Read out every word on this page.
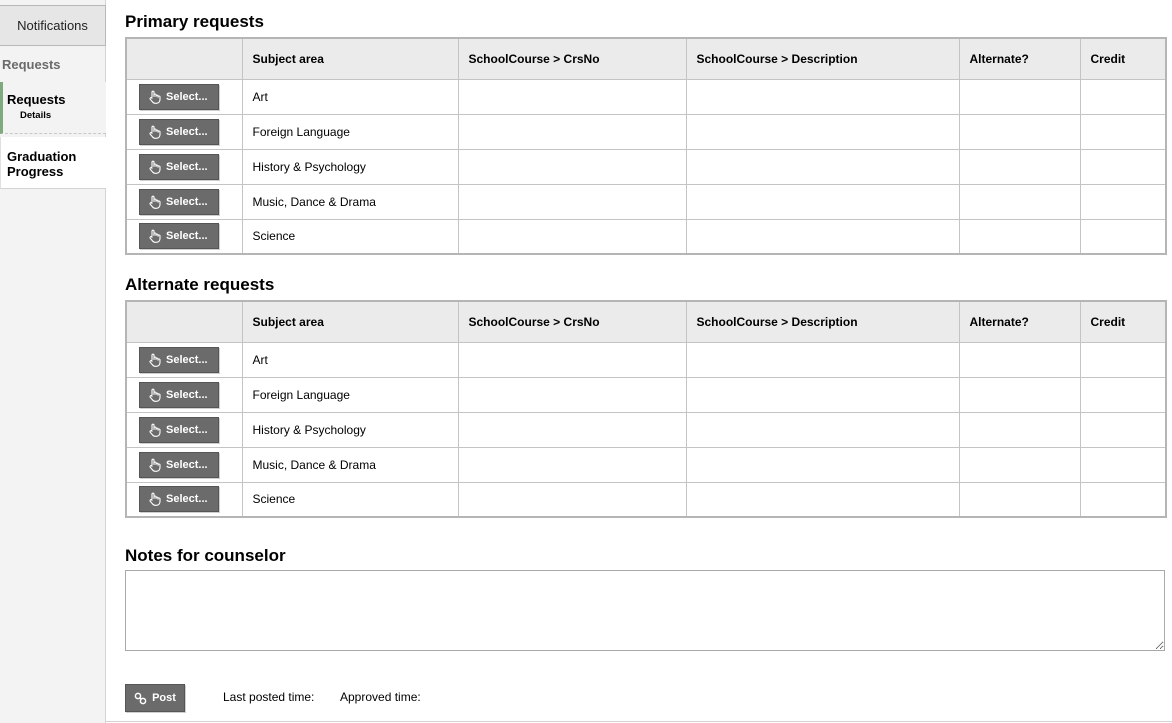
Notifications
Requests
Requests
Details
Graduation Progress
Primary requests
	Subject area	SchoolCourse > CrsNo	SchoolCourse > Description	Alternate?	Credit

Select...	Art				

Select...	Foreign Language				

Select...	History & Psychology				

Select...	Music, Dance & Drama				

Select...	Science				
Alternate requests
	Subject area	SchoolCourse > CrsNo	SchoolCourse > Description	Alternate?	Credit

Select...	Art				

Select...	Foreign Language				

Select...	History & Psychology				

Select...	Music, Dance & Drama				

Select...	Science				
Notes for counselor
Post	Last posted time: Approved time:
